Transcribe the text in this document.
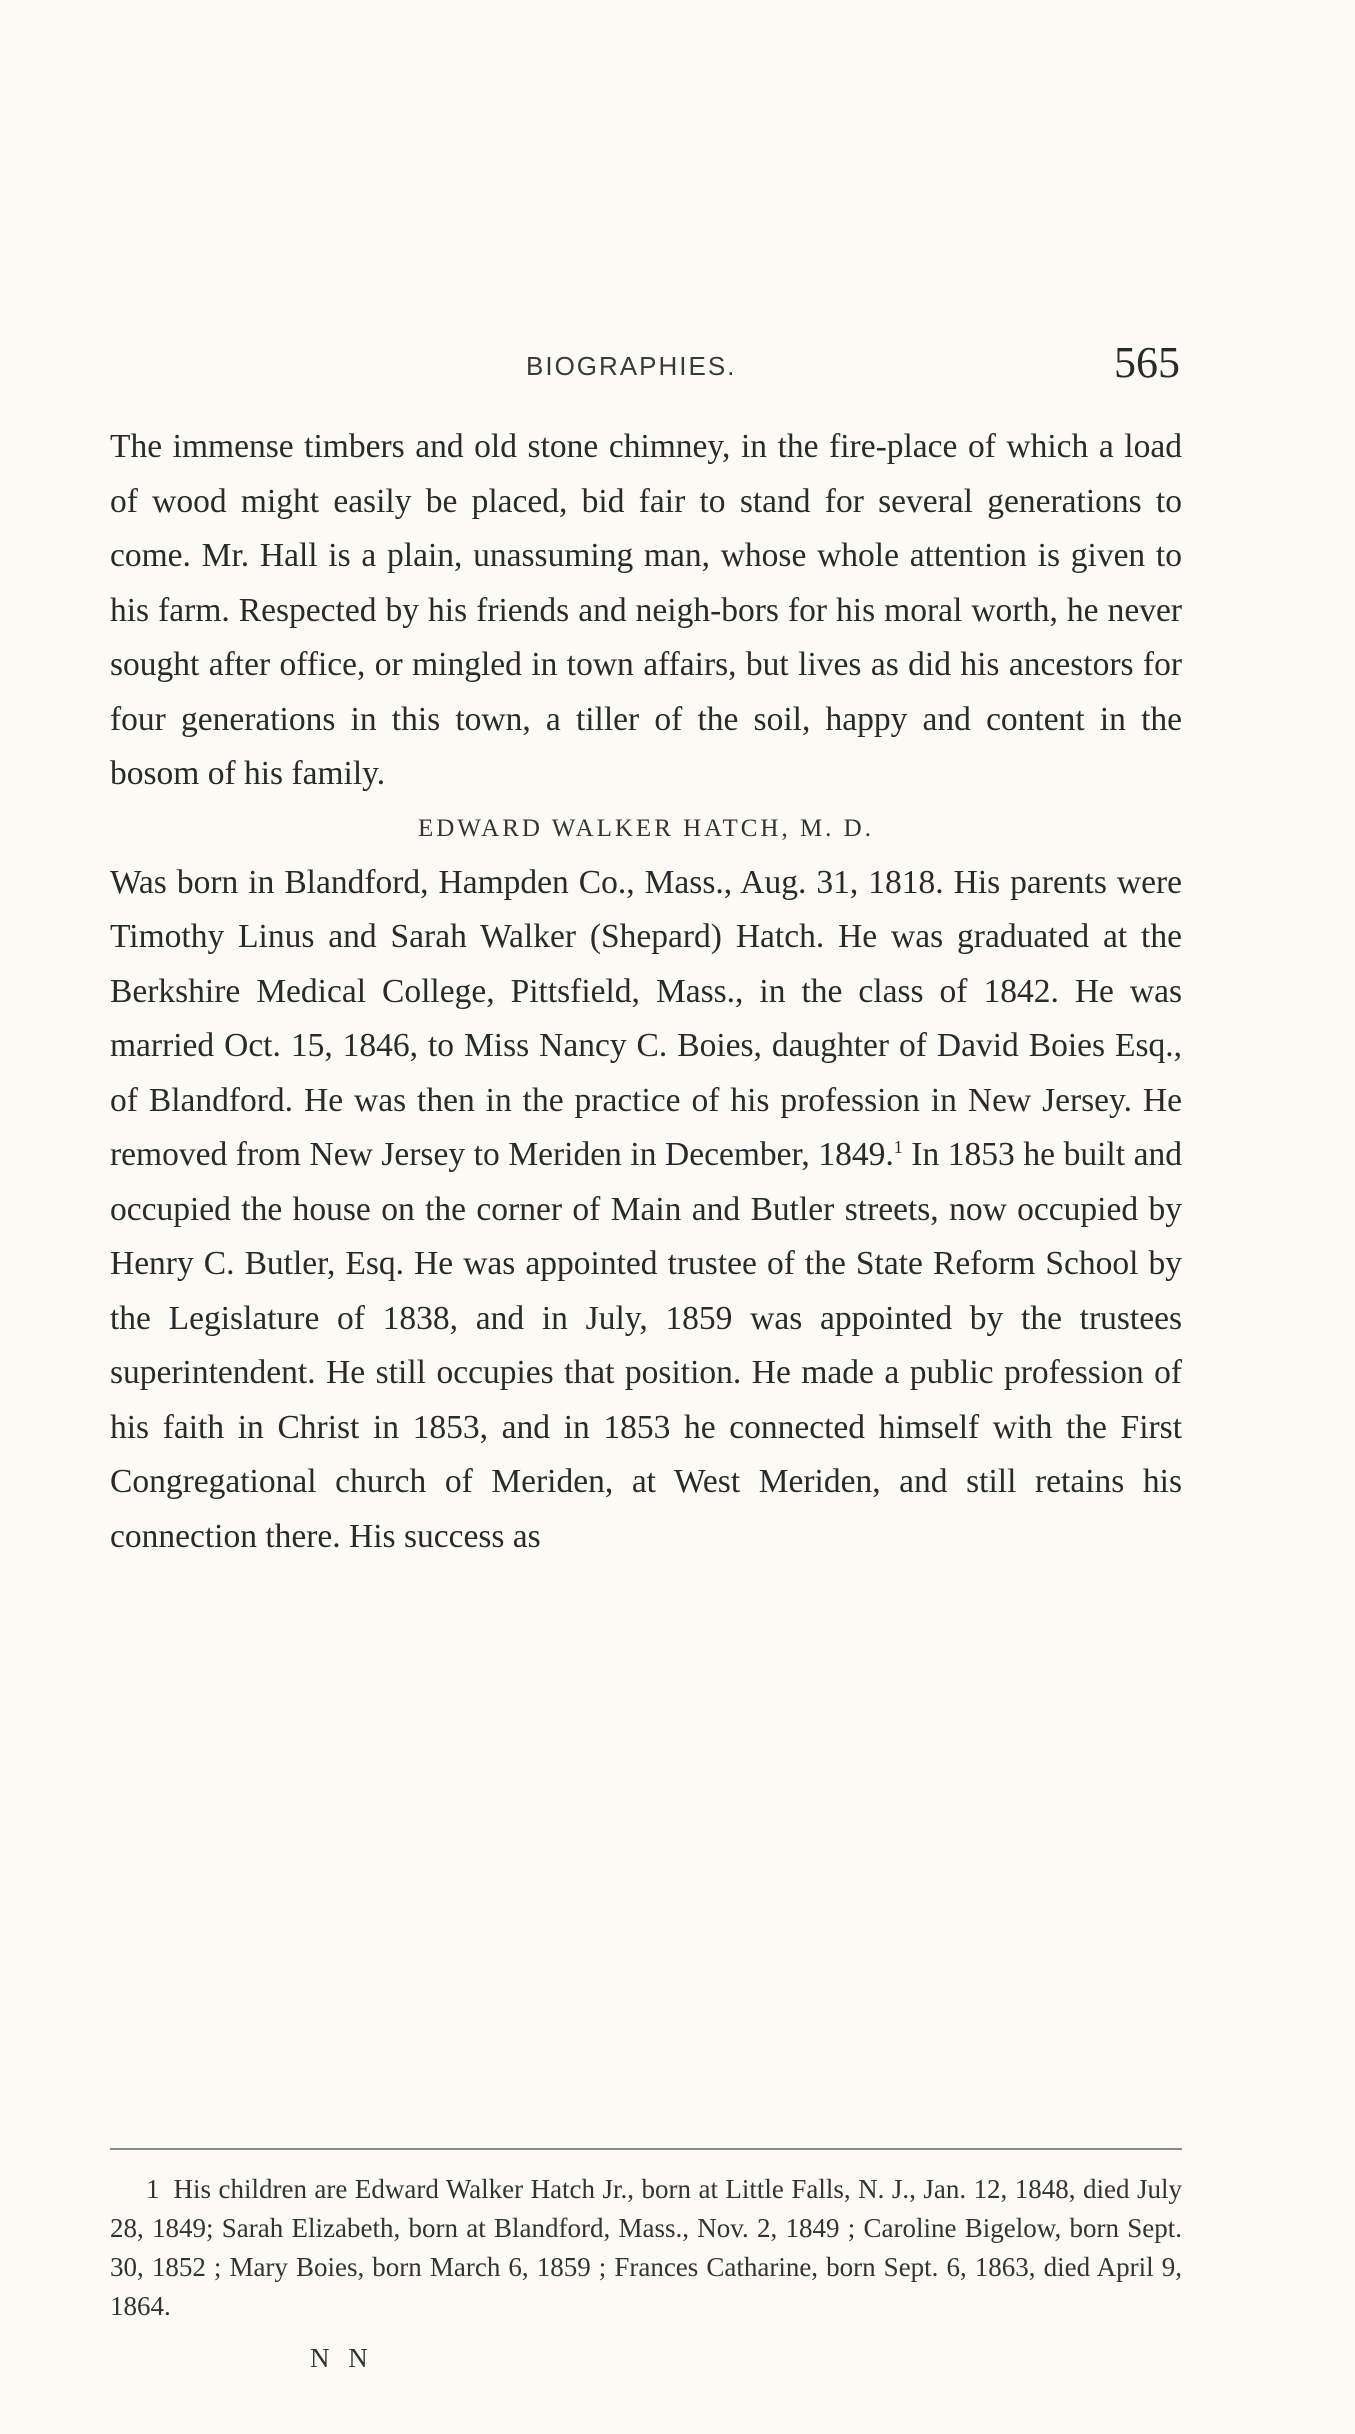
BIOGRAPHIES.	565

The immense timbers and old stone chimney, in the fire-place of which a load of wood might easily be placed, bid fair to stand for several generations to come. Mr. Hall is a plain, unassuming man, whose whole attention is given to his farm. Respected by his friends and neigh-bors for his moral worth, he never sought after office, or mingled in town affairs, but lives as did his ancestors for four generations in this town, a tiller of the soil, happy and content in the bosom of his family.

EDWARD WALKER HATCH, M. D.

Was born in Blandford, Hampden Co., Mass., Aug. 31, 1818. His parents were Timothy Linus and Sarah Walker (Shepard) Hatch. He was graduated at the Berkshire Medical College, Pittsfield, Mass., in the class of 1842. He was married Oct. 15, 1846, to Miss Nancy C. Boies, daughter of David Boies Esq., of Blandford. He was then in the practice of his profession in New Jersey. He removed from New Jersey to Meriden in December, 1849.$^1$ In 1853 he built and occupied the house on the corner of Main and Butler streets, now occupied by Henry C. Butler, Esq. He was appointed trustee of the State Reform School by the Legislature of 1838, and in July, 1859 was appointed by the trustees superintendent. He still occupies that position. He made a public profession of his faith in Christ in 1853, and in 1853 he connected himself with the First Congregational church of Meriden, at West Meriden, and still retains his connection there. His success as

1 His children are Edward Walker Hatch Jr., born at Little Falls, N. J., Jan. 12, 1848, died July 28, 1849; Sarah Elizabeth, born at Blandford, Mass., Nov. 2, 1849 ; Caroline Bigelow, born Sept. 30, 1852 ; Mary Boies, born March 6, 1859 ; Frances Catharine, born Sept. 6, 1863, died April 9, 1864.

N N
